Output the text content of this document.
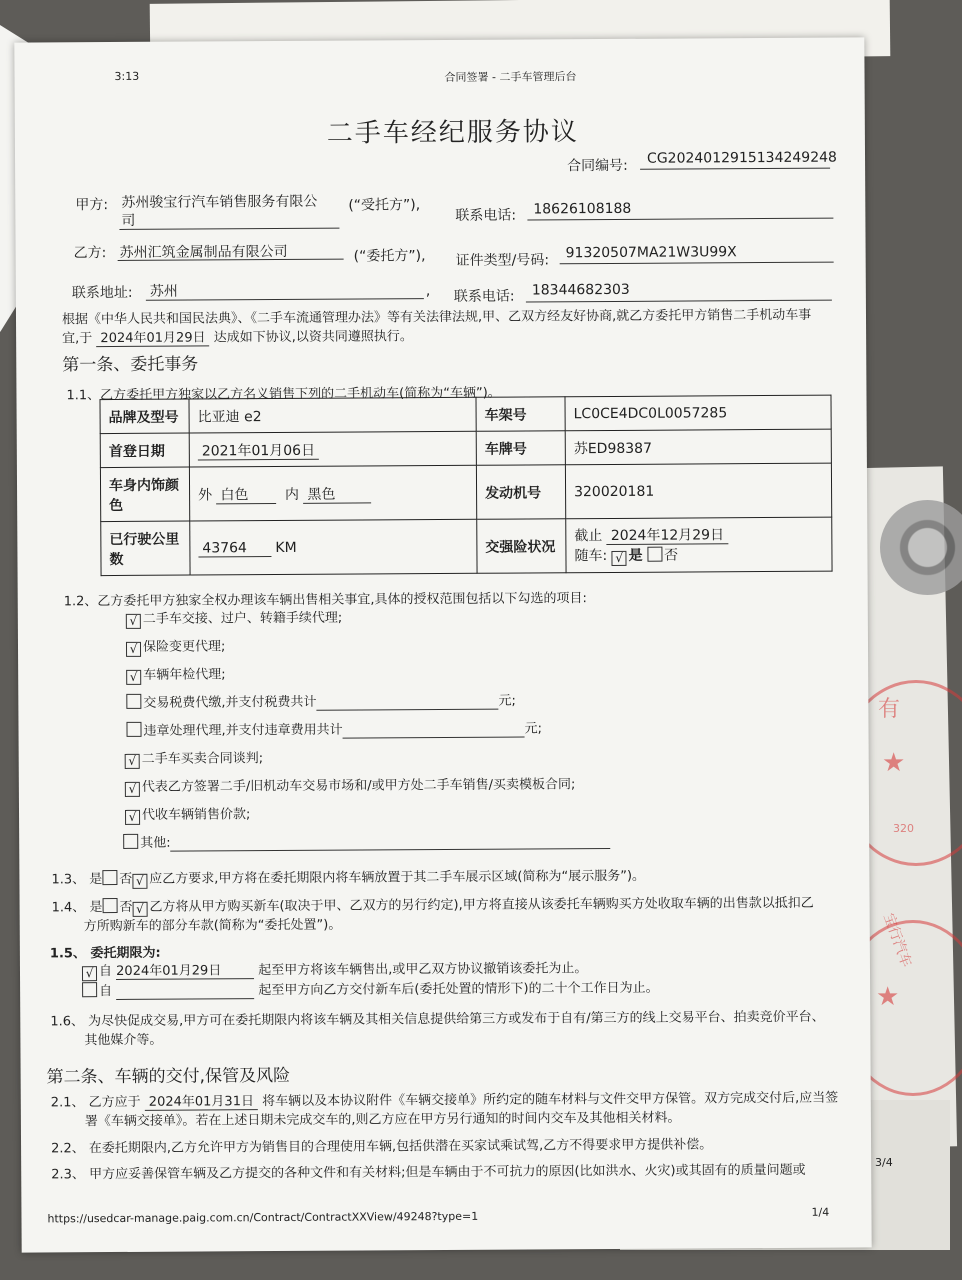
3/4
有
★
320
宝行汽车
★
3:13	合同签署 - 二手车管理后台
二手车经纪服务协议
合同编号: CG2024012915134249248
甲方: 苏州骏宝行汽车销售服务有限公
司
(“受托方”),
联系电话: 18626108188
乙方: 苏州汇筑金属制品有限公司	(“委托方”), 证件类型/号码: 91320507MA21W3U99X
联系地址: 苏州	, 联系电话: 18344682303
根据《中华人民共和国民法典》、《二手车流通管理办法》等有关法律法规,甲、乙双方经友好协商,就乙方委托甲方销售二手机动车事
宜,于 2024年01月29日 达成如下协议,以资共同遵照执行。
第一条、委托事务
1.1、乙方委托甲方独家以乙方名义销售下列的二手机动车(简称为“车辆”)。
品牌及型号	比亚迪 e2	车架号	LC0CE4DC0L0057285
首登日期	2021年01月06日	车牌号	苏ED98387
车身内饰颜色	外 白色 内 黑色	发动机号	320020181
已行驶公里数	43764 KM	交强险状况	截止 2024年12月29日
随车: √ 是 否
1.2、乙方委托甲方独家全权办理该车辆出售相关事宜,具体的授权范围包括以下勾选的项目:
√ 二手车交接、过户、转籍手续代理;
√ 保险变更代理;
√ 车辆年检代理;
交易税费代缴,并支付税费共计	元;
违章处理代理,并支付违章费用共计	元;
√ 二手车买卖合同谈判;
√ 代表乙方签署二手/旧机动车交易市场和/或甲方处二手车销售/买卖模板合同;
√ 代收车辆销售价款;
其他:
1.3、 是 否 √ 应乙方要求,甲方将在委托期限内将车辆放置于其二手车展示区域(简称为“展示服务”)。
1.4、 是 否 √ 乙方将从甲方购买新车(取决于甲、乙双方的另行约定),甲方将直接从该委托车辆购买方处收取车辆的出售款以抵扣乙
方所购新车的部分车款(简称为“委托处置”)。
1.5、 委托期限为:
√ 自 2024年01月29日	起至甲方将该车辆售出,或甲乙双方协议撤销该委托为止。
自	起至甲方向乙方交付新车后(委托处置的情形下)的二十个工作日为止。
1.6、 为尽快促成交易,甲方可在委托期限内将该车辆及其相关信息提供给第三方或发布于自有/第三方的线上交易平台、拍卖竞价平台、
其他媒介等。
第二条、车辆的交付,保管及风险
2.1、 乙方应于 2024年01月31日 将车辆以及本协议附件《车辆交接单》所约定的随车材料与文件交甲方保管。双方完成交付后,应当签
署《车辆交接单》。若在上述日期未完成交车的,则乙方应在甲方另行通知的时间内交车及其他相关材料。
2.2、 在委托期限内,乙方允许甲方为销售目的合理使用车辆,包括供潜在买家试乘试驾,乙方不得要求甲方提供补偿。
2.3、 甲方应妥善保管车辆及乙方提交的各种文件和有关材料;但是车辆由于不可抗力的原因(比如洪水、火灾)或其固有的质量问题或
https://usedcar-manage.paig.com.cn/Contract/ContractXXView/49248?type=1	1/4
